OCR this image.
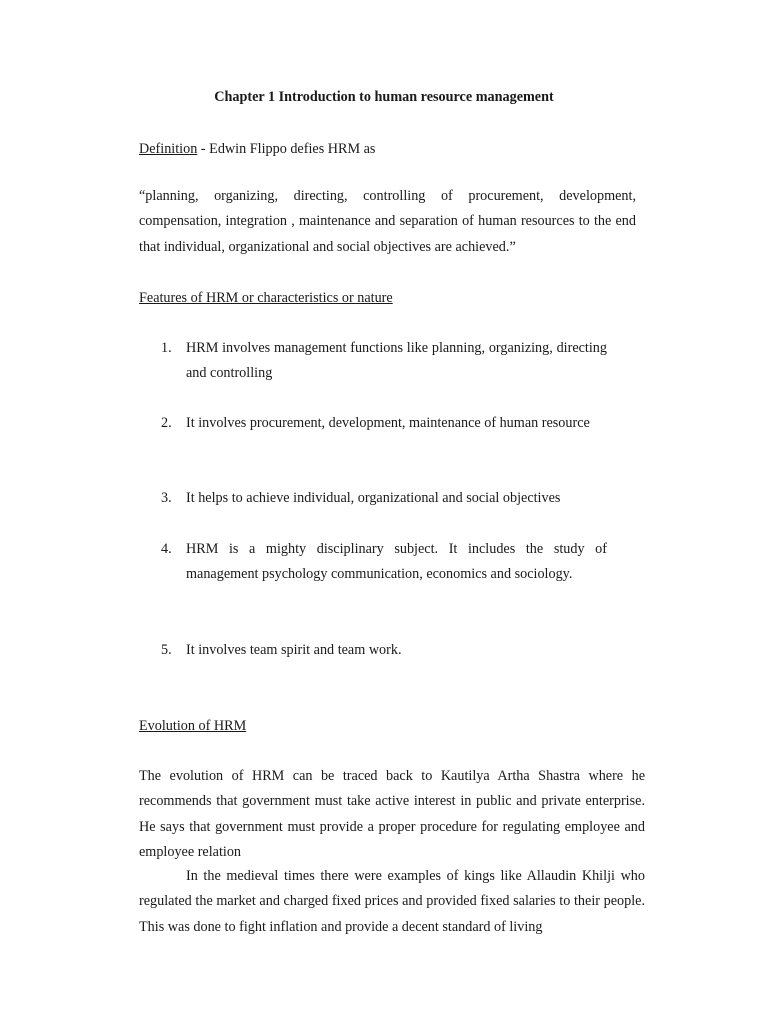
Chapter 1 Introduction to human resource management

Definition - Edwin Flippo defies HRM as

“planning, organizing, directing, controlling of procurement, development, compensation, integration , maintenance and separation of human resources to the end that individual, organizational and social objectives are achieved.”

Features of HRM or characteristics or nature

1.	HRM involves management functions like planning, organizing, directing and controlling

2.	It involves procurement, development, maintenance of human resource

3.	It helps to achieve individual, organizational and social objectives

4.	HRM is a mighty disciplinary subject. It includes the study of management psychology communication, economics and sociology.

5.	It involves team spirit and team work.

Evolution of HRM

The evolution of HRM can be traced back to Kautilya Artha Shastra where he recommends that government must take active interest in public and private enterprise. He says that government must provide a proper procedure for regulating employee and employee relation

In the medieval times there were examples of kings like Allaudin Khilji who regulated the market and charged fixed prices and provided fixed salaries to their people. This was done to fight inflation and provide a decent standard of living
